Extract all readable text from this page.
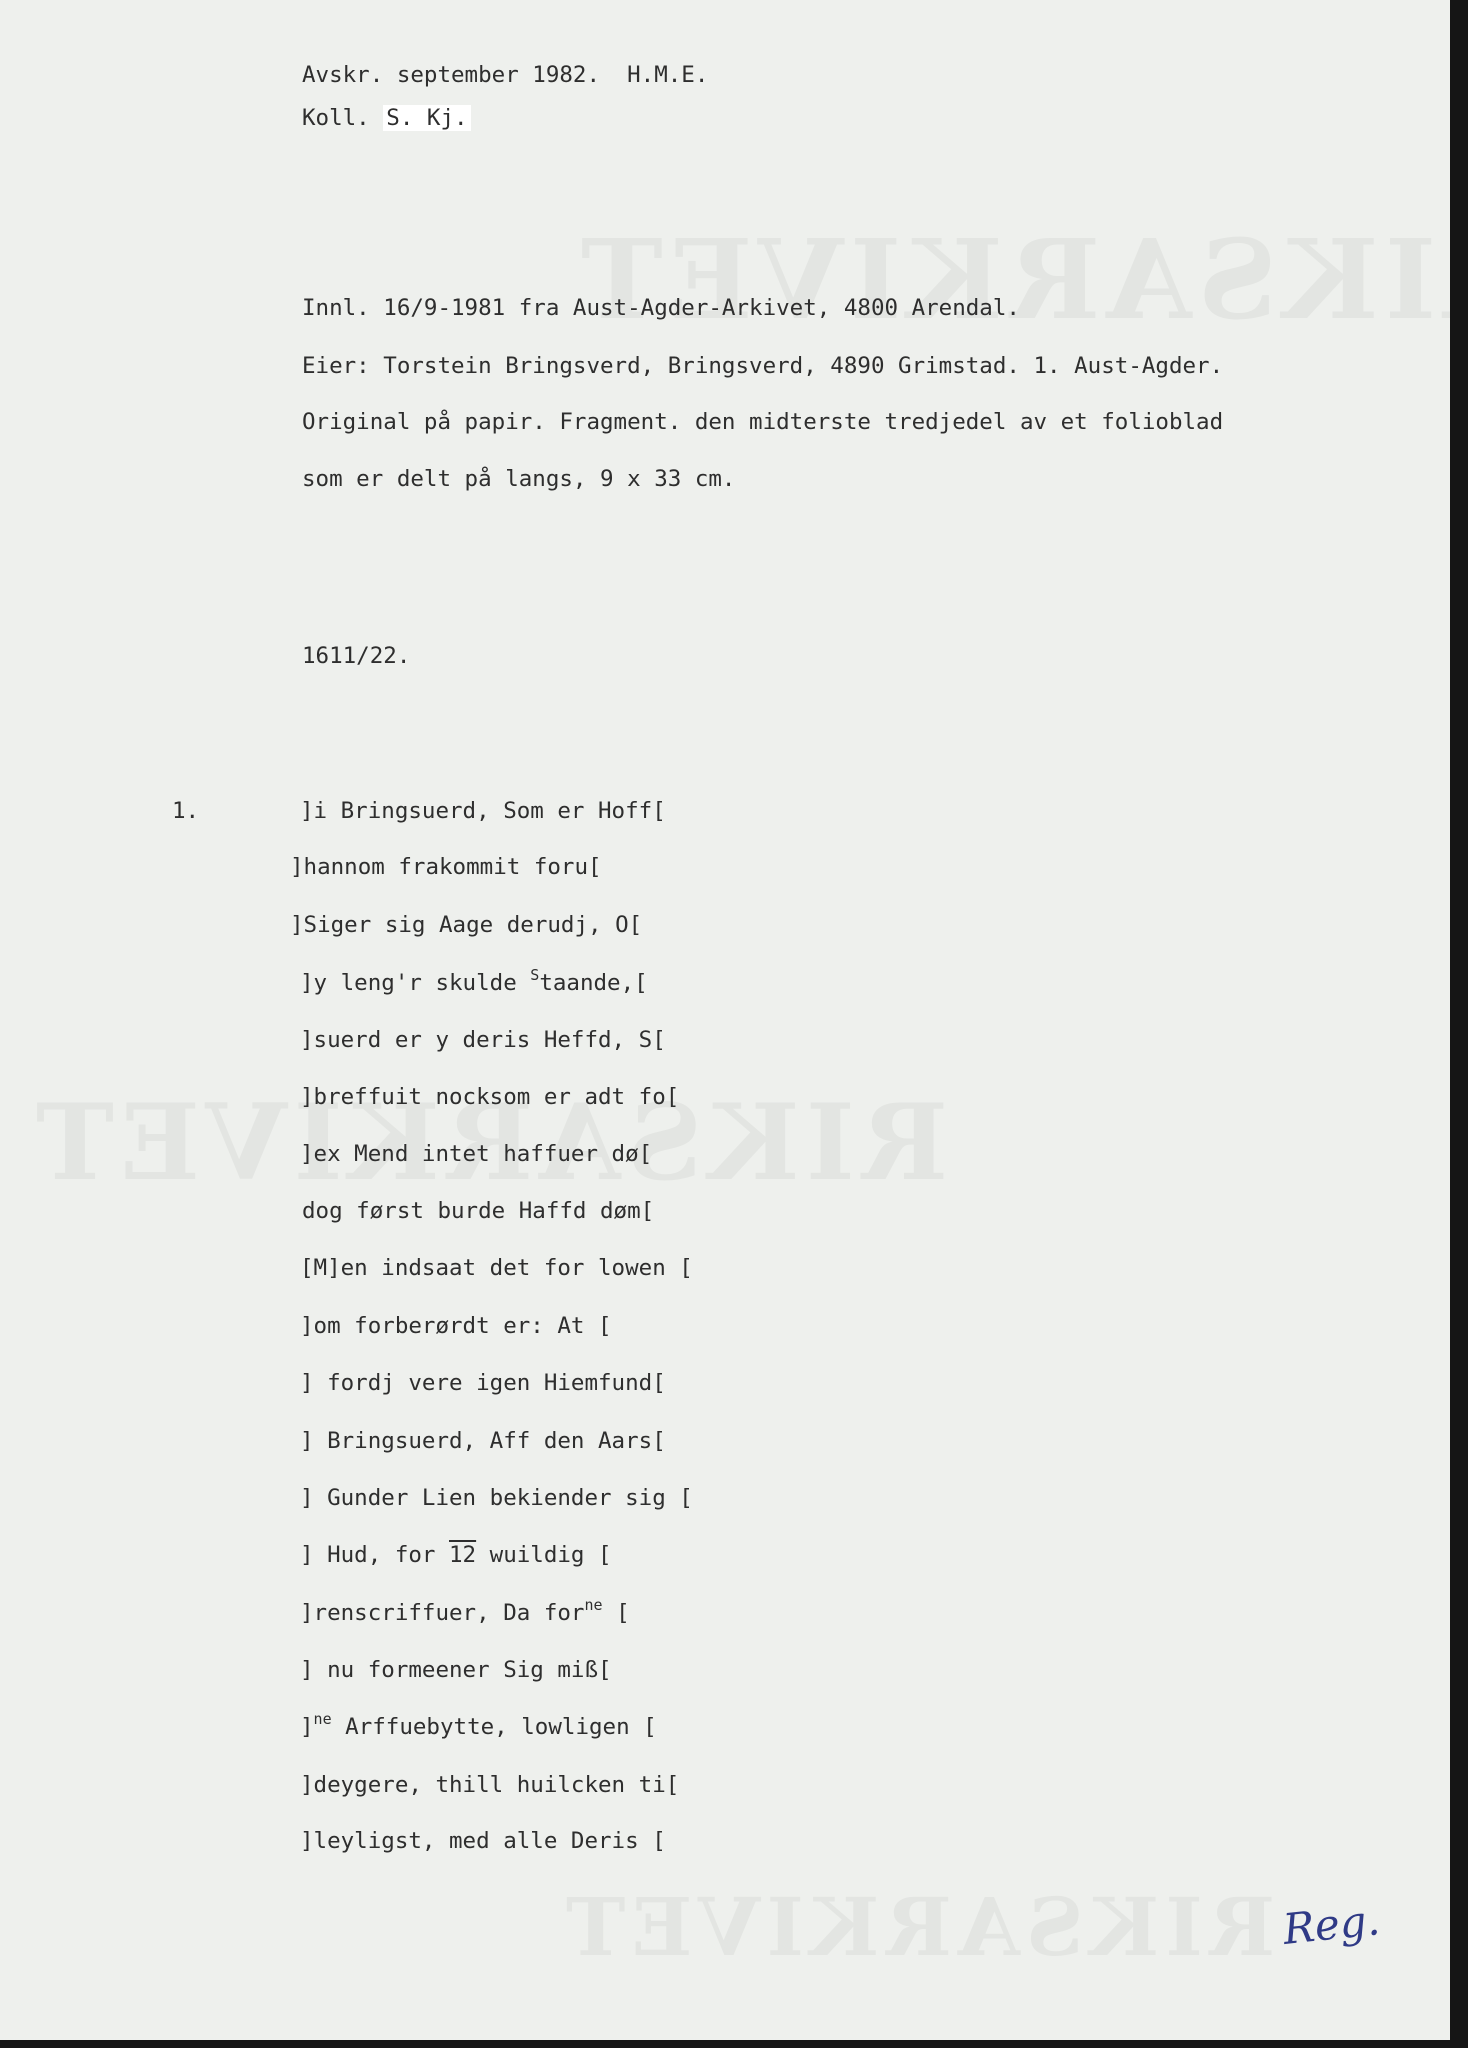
Avskr. september 1982.  H.M.E.

Koll. S. Kj.

Innl. 16/9-1981 fra Aust-Agder-Arkivet, 4800 Arendal.

Eier: Torstein Bringsverd, Bringsverd, 4890 Grimstad. 1. Aust-Agder.

Original på papir. Fragment. den midterste tredjedel av et folioblad

som er delt på langs, 9 x 33 cm.

1611/22.

1.	]i Bringsuerd, Som er Hoff[

]hannom frakommit foru[

]Siger sig Aage derudj, O[

]y leng'r skulde $^S$taande,[

]suerd er y deris Heffd, S[

]breffuit nocksom er adt fo[

]ex Mend intet haffuer dø[

dog først burde Haffd døm[

[M]en indsaat det for lowen [

]om forberørdt er: At [

] fordj vere igen Hiemfund[

] Bringsuerd, Aff den Aars[

] Gunder Lien bekiender sig [

] Hud, for 12 wuildig [

]renscriffuer, Da for$^{ne}$ [

] nu formeener Sig miß[

]$^{ne}$ Arffuebytte, lowligen [

]deygere, thill huilcken ti[

]leyligst, med alle Deris [

Reg.
